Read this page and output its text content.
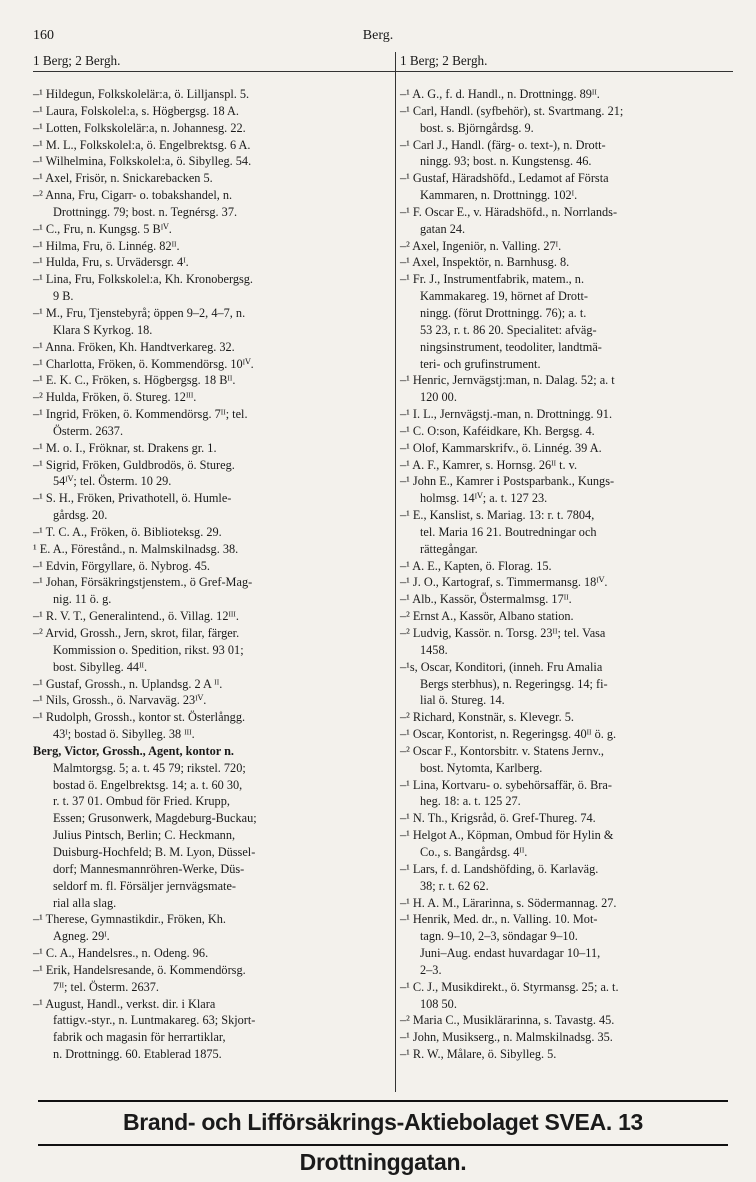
160	Berg.
1 Berg; 2 Bergh.	1 Berg; 2 Bergh.
–¹ Hildegun, Folkskolelär:a, ö. Lilljanspl. 5.
–¹ Laura, Folskolel:a, s. Högbergsg. 18 A.
–¹ Lotten, Folkskolelär:a, n. Johannesg. 22.
–¹ M. L., Folkskolel:a, ö. Engelbrektsg. 6 A.
–¹ Wilhelmina, Folkskolel:a, ö. Sibylleg. 54.
–¹ Axel, Frisör, n. Snickarebacken 5.
–² Anna, Fru, Cigarr- o. tobakshandel, n.
Drottningg. 79; bost. n. Tegnérsg. 37.
–¹ C., Fru, n. Kungsg. 5 Bᴵⱽ.
–¹ Hilma, Fru, ö. Linnég. 82ᴵᴵ.
–¹ Hulda, Fru, s. Urvädersgr. 4ᴵ.
–¹ Lina, Fru, Folkskolel:a, Kh. Kronobergsg.
9 B.
–¹ M., Fru, Tjenstebyrå; öppen 9–2, 4–7, n.
Klara S Kyrkog. 18.
–¹ Anna. Fröken, Kh. Handtverkareg. 32.
–¹ Charlotta, Fröken, ö. Kommendörsg. 10ᴵⱽ.
–¹ E. K. C., Fröken, s. Högbergsg. 18 Bᴵᴵ.
–² Hulda, Fröken, ö. Stureg. 12ᴵᴵᴵ.
–¹ Ingrid, Fröken, ö. Kommendörsg. 7ᴵᴵ; tel.
Österm. 2637.
–¹ M. o. I., Fröknar, st. Drakens gr. 1.
–¹ Sigrid, Fröken, Guldbrodös, ö. Stureg.
54ᴵⱽ; tel. Österm. 10 29.
–¹ S. H., Fröken, Privathotell, ö. Humle-
gårdsg. 20.
–¹ T. C. A., Fröken, ö. Biblioteksg. 29.
¹ E. A., Förestånd., n. Malmskilnadsg. 38.
–¹ Edvin, Förgyllare, ö. Nybrog. 45.
–¹ Johan, Försäkringstjenstem., ö Gref-Mag-
nig. 11 ö. g.
–¹ R. V. T., Generalintend., ö. Villag. 12ᴵᴵᴵ.
–² Arvid, Grossh., Jern, skrot, filar, färger.
Kommission o. Spedition, rikst. 93 01;
bost. Sibylleg. 44ᴵᴵ.
–¹ Gustaf, Grossh., n. Uplandsg. 2 A ᴵᴵ.
–¹ Nils, Grossh., ö. Narvaväg. 23ᴵⱽ.
–¹ Rudolph, Grossh., kontor st. Österlångg.
43ᴵ; bostad ö. Sibylleg. 38 ᴵᴵᴵ.
Berg, Victor, Grossh., Agent, kontor n.
Malmtorgsg. 5; a. t. 45 79; rikstel. 720;
bostad ö. Engelbrektsg. 14; a. t. 60 30,
r. t. 37 01. Ombud för Fried. Krupp,
Essen; Grusonwerk, Magdeburg-Buckau;
Julius Pintsch, Berlin; C. Heckmann,
Duisburg-Hochfeld; B. M. Lyon, Düssel-
dorf; Mannesmannröhren-Werke, Düs-
seldorf m. fl. Försäljer jernvägsmate-
rial alla slag.
–¹ Therese, Gymnastikdir., Fröken, Kh.
Agneg. 29ᴵ.
–¹ C. A., Handelsres., n. Odeng. 96.
–¹ Erik, Handelsresande, ö. Kommendörsg.
7ᴵᴵ; tel. Österm. 2637.
–¹ August, Handl., verkst. dir. i Klara
fattigv.-styr., n. Luntmakareg. 63; Skjort-
fabrik och magasin för herrartiklar,
n. Drottningg. 60. Etablerad 1875.
–¹ A. G., f. d. Handl., n. Drottningg. 89ᴵᴵ.
–¹ Carl, Handl. (syfbehör), st. Svartmang. 21;
bost. s. Björngårdsg. 9.
–¹ Carl J., Handl. (färg- o. text-), n. Drott-
ningg. 93; bost. n. Kungstensg. 46.
–¹ Gustaf, Häradshöfd., Ledamot af Första
Kammaren, n. Drottningg. 102ᴵ.
–¹ F. Oscar E., v. Häradshöfd., n. Norrlands-
gatan 24.
–² Axel, Ingeniör, n. Valling. 27ᴵ.
–¹ Axel, Inspektör, n. Barnhusg. 8.
–¹ Fr. J., Instrumentfabrik, matem., n.
Kammakareg. 19, hörnet af Drott-
ningg. (förut Drottningg. 76); a. t.
53 23, r. t. 86 20. Specialitet: afväg-
ningsinstrument, teodoliter, landtmä-
teri- och grufinstrument.
–¹ Henric, Jernvägstj:man, n. Dalag. 52; a. t
120 00.
–¹ I. L., Jernvägstj.-man, n. Drottningg. 91.
–¹ C. O:son, Kaféidkare, Kh. Bergsg. 4.
–¹ Olof, Kammarskrifv., ö. Linnég. 39 A.
–¹ A. F., Kamrer, s. Hornsg. 26ᴵᴵ t. v.
–¹ John E., Kamrer i Postsparbank., Kungs-
holmsg. 14ᴵⱽ; a. t. 127 23.
–¹ E., Kanslist, s. Mariag. 13: r. t. 7804,
tel. Maria 16 21. Boutredningar och
rättegångar.
–¹ A. E., Kapten, ö. Florag. 15.
–¹ J. O., Kartograf, s. Timmermansg. 18ᴵⱽ.
–¹ Alb., Kassör, Östermalmsg. 17ᴵᴵ.
–² Ernst A., Kassör, Albano station.
–² Ludvig, Kassör. n. Torsg. 23ᴵᴵ; tel. Vasa
1458.
–¹s, Oscar, Konditori, (inneh. Fru Amalia
Bergs sterbhus), n. Regeringsg. 14; fi-
lial ö. Stureg. 14.
–² Richard, Konstnär, s. Klevegr. 5.
–¹ Oscar, Kontorist, n. Regeringsg. 40ᴵᴵ ö. g.
–² Oscar F., Kontorsbitr. v. Statens Jernv.,
bost. Nytomta, Karlberg.
–¹ Lina, Kortvaru- o. sybehörsaffär, ö. Bra-
heg. 18: a. t. 125 27.
–¹ N. Th., Krigsråd, ö. Gref-Thureg. 74.
–¹ Helgot A., Köpman, Ombud för Hylin &
Co., s. Bangårdsg. 4ᴵᴵ.
–¹ Lars, f. d. Landshöfding, ö. Karlaväg.
38; r. t. 62 62.
–¹ H. A. M., Lärarinna, s. Södermannag. 27.
–¹ Henrik, Med. dr., n. Valling. 10. Mot-
tagn. 9–10, 2–3, söndagar 9–10.
Juni–Aug. endast huvardagar 10–11,
2–3.
–¹ C. J., Musikdirekt., ö. Styrmansg. 25; a. t.
108 50.
–² Maria C., Musiklärarinna, s. Tavastg. 45.
–¹ John, Musikserg., n. Malmskilnadsg. 35.
–¹ R. W., Målare, ö. Sibylleg. 5.
Brand- och Lifförsäkrings-Aktiebolaget SVEA. 13 Drottninggatan.
